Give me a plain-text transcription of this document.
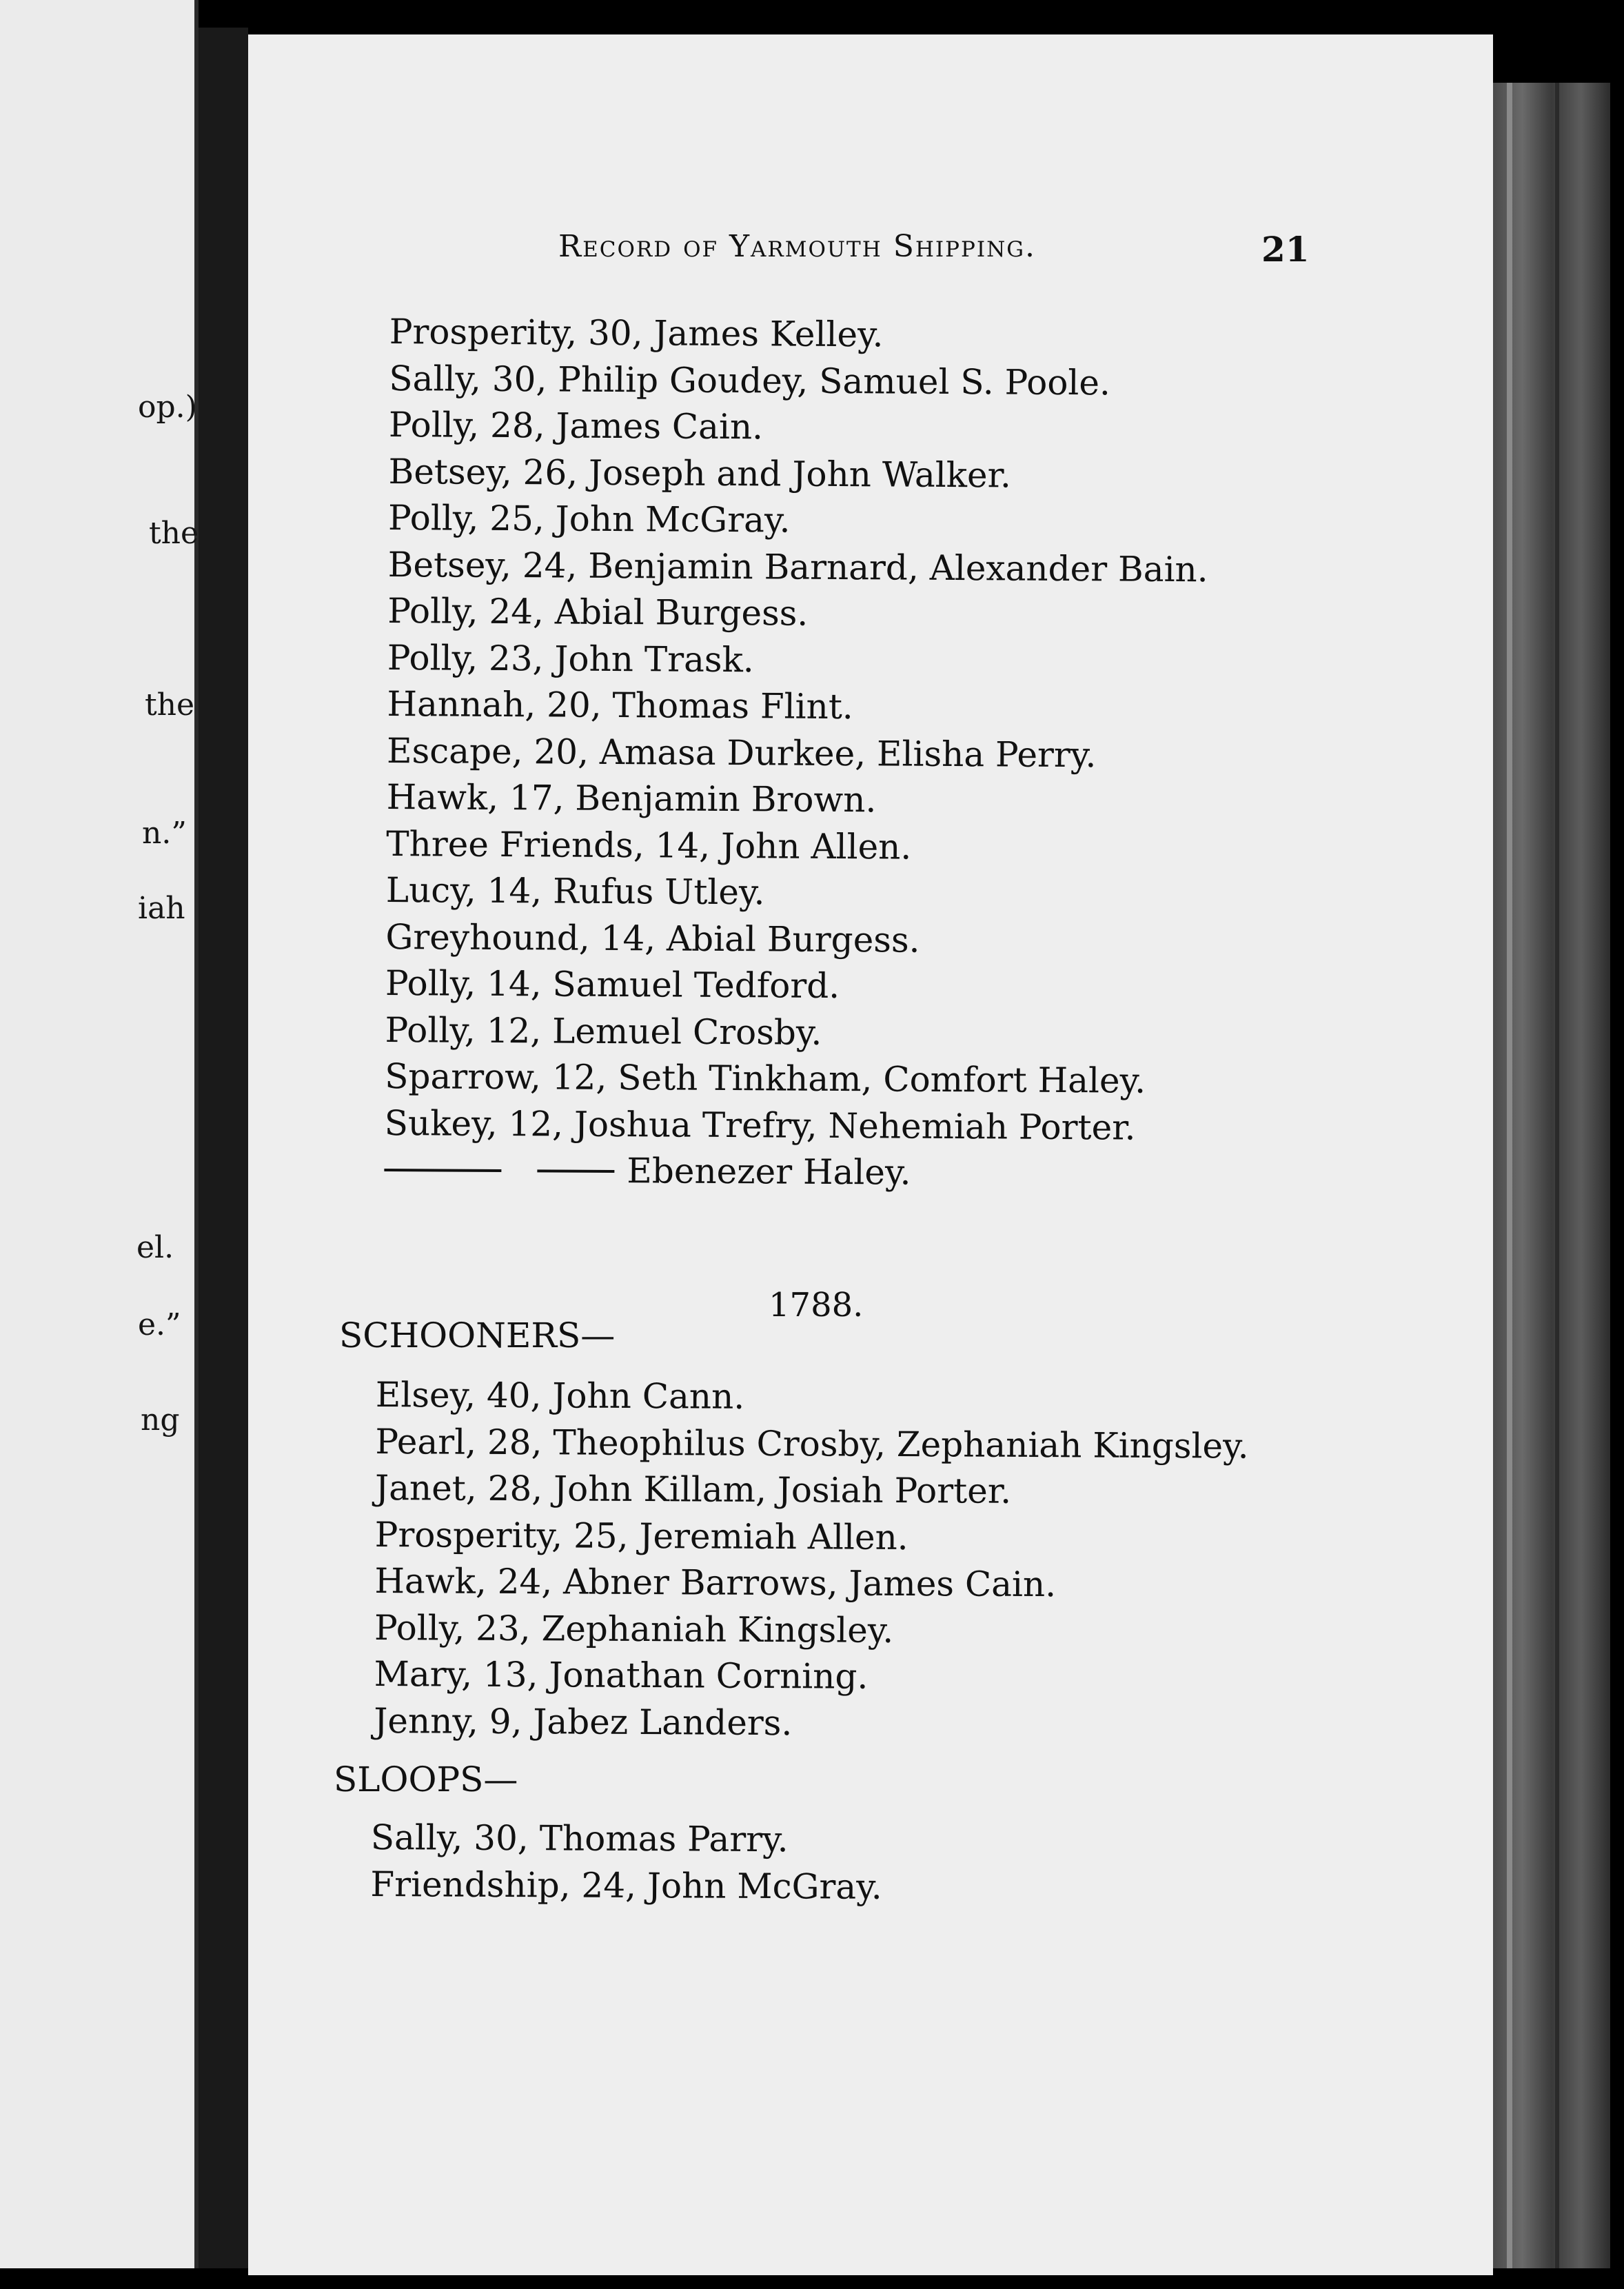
op.)
the
the
n.”
iah
el.
e.”
ng
Record of Yarmouth Shipping.	21
Prosperity, 30, James Kelley.
Sally, 30, Philip Goudey, Samuel S. Poole.
Polly, 28, James Cain.
Betsey, 26, Joseph and John Walker.
Polly, 25, John McGray.
Betsey, 24, Benjamin Barnard, Alexander Bain.
Polly, 24, Abial Burgess.
Polly, 23, John Trask.
Hannah, 20, Thomas Flint.
Escape, 20, Amasa Durkee, Elisha Perry.
Hawk, 17, Benjamin Brown.
Three Friends, 14, John Allen.
Lucy, 14, Rufus Utley.
Greyhound, 14, Abial Burgess.
Polly, 14, Samuel Tedford.
Polly, 12, Lemuel Crosby.
Sparrow, 12, Seth Tinkham, Comfort Haley.
Sukey, 12, Joshua Trefry, Nehemiah Porter.
Ebenezer Haley.
1788.
SCHOONERS—
Elsey, 40, John Cann.
Pearl, 28, Theophilus Crosby, Zephaniah Kingsley.
Janet, 28, John Killam, Josiah Porter.
Prosperity, 25, Jeremiah Allen.
Hawk, 24, Abner Barrows, James Cain.
Polly, 23, Zephaniah Kingsley.
Mary, 13, Jonathan Corning.
Jenny, 9, Jabez Landers.
SLOOPS—
Sally, 30, Thomas Parry.
Friendship, 24, John McGray.
